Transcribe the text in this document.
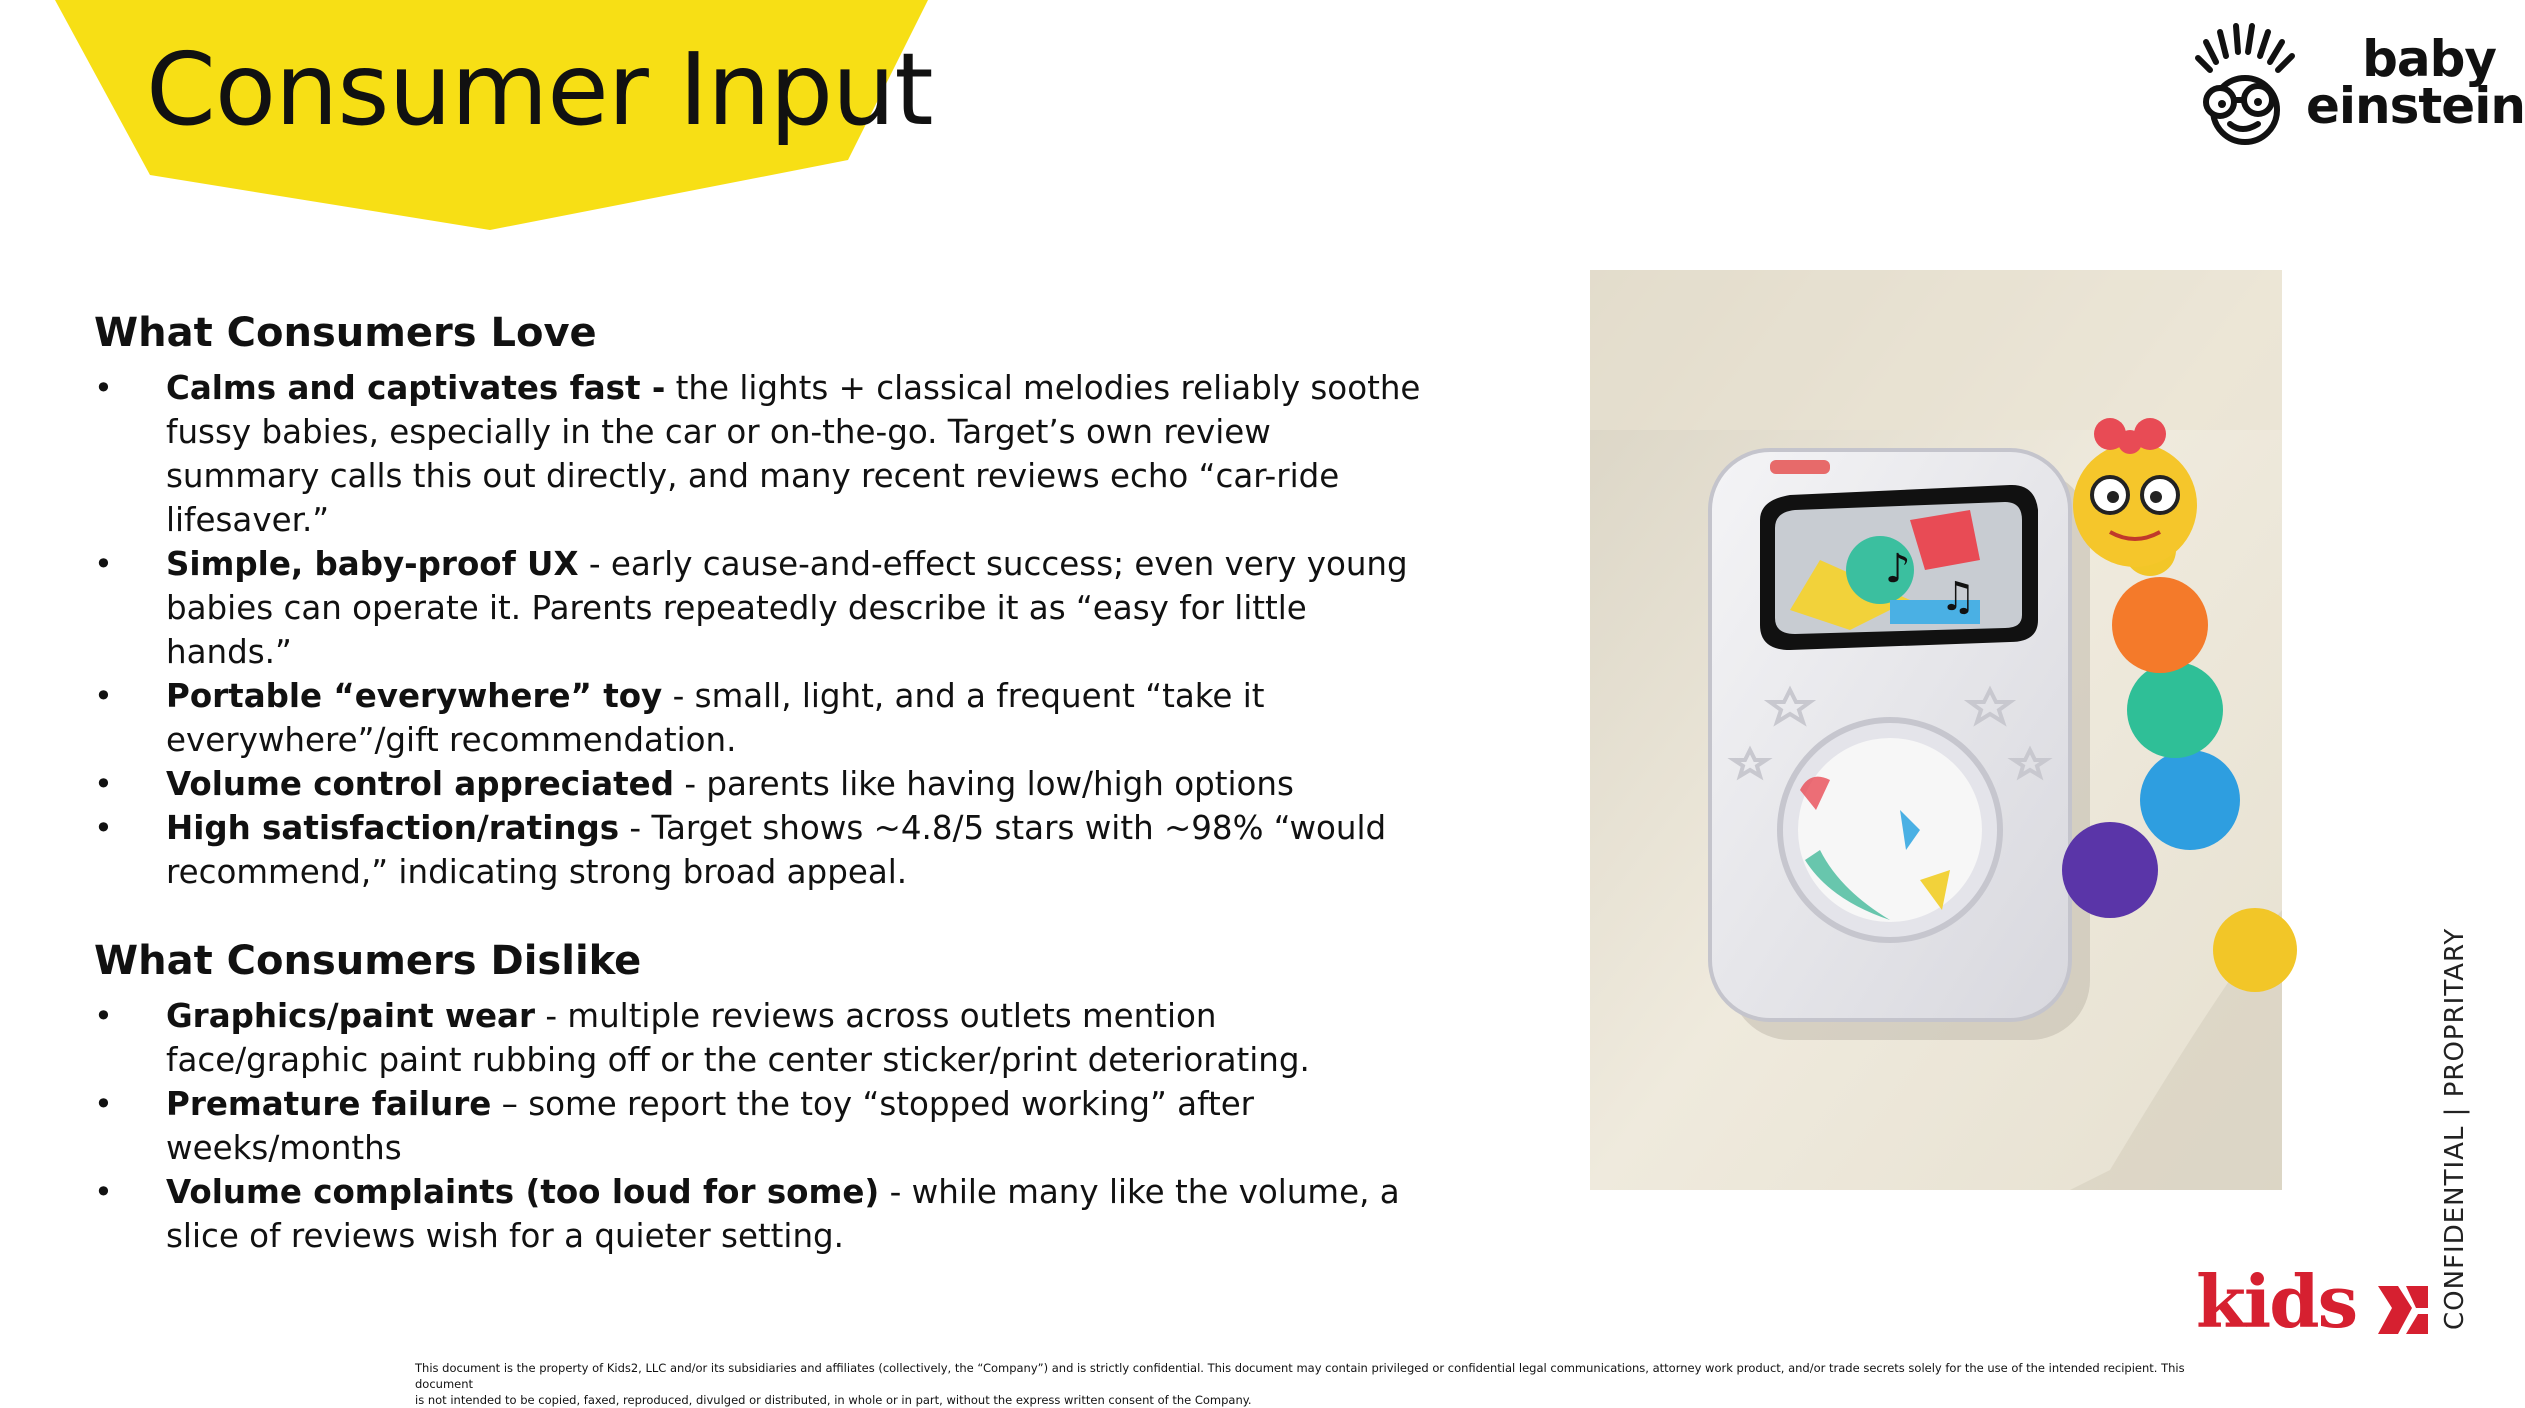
Consumer Input	baby
einstein
What Consumers Love
• Calms and captivates fast - the lights + classical melodies reliably soothe fussy babies, especially in the car or on-the-go. Target’s own review summary calls this out directly, and many recent reviews echo “car-ride lifesaver.”
• Simple, baby-proof UX - early cause-and-effect success; even very young babies can operate it. Parents repeatedly describe it as “easy for little hands.”
• Portable “everywhere” toy - small, light, and a frequent “take it everywhere”/gift recommendation.
• Volume control appreciated - parents like having low/high options
• High satisfaction/ratings - Target shows ~4.8/5 stars with ~98% “would recommend,” indicating strong broad appeal.
What Consumers Dislike
• Graphics/paint wear - multiple reviews across outlets mention face/graphic paint rubbing off or the center sticker/print deteriorating.
• Premature failure – some report the toy “stopped working” after weeks/months
• Volume complaints (too loud for some) - while many like the volume, a slice of reviews wish for a quieter setting.
♪
♫
CONFIDENTIAL | PROPRITARY
kids
This document is the property of Kids2, LLC and/or its subsidiaries and affiliates (collectively, the “Company”) and is strictly confidential. This document may contain privileged or confidential legal communications, attorney work product, and/or trade secrets solely for the use of the intended recipient. This document
is not intended to be copied, faxed, reproduced, divulged or distributed, in whole or in part, without the express written consent of the Company.
